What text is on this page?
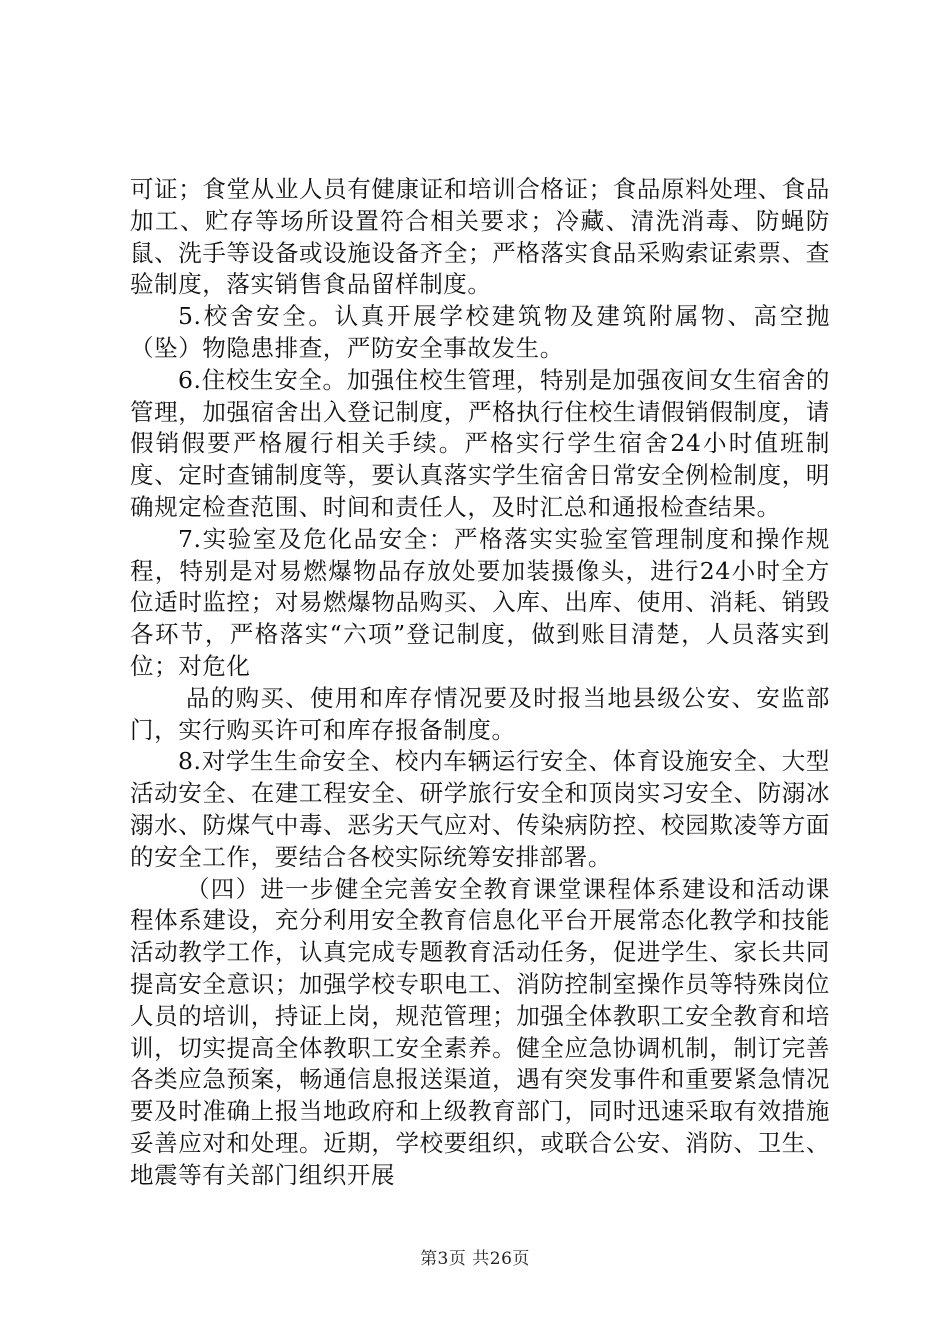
可证；食堂从业人员有健康证和培训合格证；食品原料处理、食品加工、贮存等场所设置符合相关要求；冷藏、清洗消毒、防蝇防鼠、洗手等设备或设施设备齐全；严格落实食品采购索证索票、查验制度，落实销售食品留样制度。

5.校舍安全。认真开展学校建筑物及建筑附属物、高空抛（坠）物隐患排查，严防安全事故发生。

6.住校生安全。加强住校生管理，特别是加强夜间女生宿舍的管理，加强宿舍出入登记制度，严格执行住校生请假销假制度，请假销假要严格履行相关手续。严格实行学生宿舍24小时值班制度、定时查铺制度等，要认真落实学生宿舍日常安全例检制度，明确规定检查范围、时间和责任人，及时汇总和通报检查结果。

7.实验室及危化品安全：严格落实实验室管理制度和操作规程，特别是对易燃爆物品存放处要加装摄像头，进行24小时全方位适时监控；对易燃爆物品购买、入库、出库、使用、消耗、销毁各环节，严格落实“六项”登记制度，做到账目清楚，人员落实到位；对危化

品的购买、使用和库存情况要及时报当地县级公安、安监部门，实行购买许可和库存报备制度。

8.对学生生命安全、校内车辆运行安全、体育设施安全、大型活动安全、在建工程安全、研学旅行安全和顶岗实习安全、防溺冰溺水、防煤气中毒、恶劣天气应对、传染病防控、校园欺凌等方面的安全工作，要结合各校实际统筹安排部署。

（四）进一步健全完善安全教育课堂课程体系建设和活动课程体系建设，充分利用安全教育信息化平台开展常态化教学和技能活动教学工作，认真完成专题教育活动任务，促进学生、家长共同提高安全意识；加强学校专职电工、消防控制室操作员等特殊岗位人员的培训，持证上岗，规范管理；加强全体教职工安全教育和培训，切实提高全体教职工安全素养。健全应急协调机制，制订完善各类应急预案，畅通信息报送渠道，遇有突发事件和重要紧急情况要及时准确上报当地政府和上级教育部门，同时迅速采取有效措施妥善应对和处理。近期，学校要组织，或联合公安、消防、卫生、地震等有关部门组织开展

第3页 共26页
